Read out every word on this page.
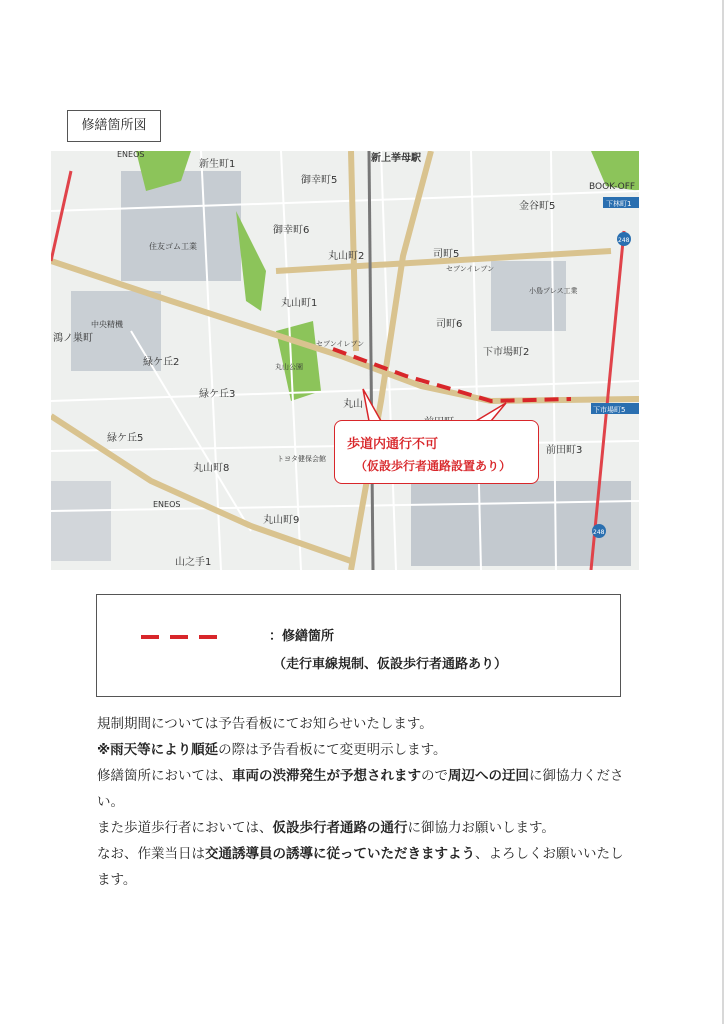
修繕箇所図
新生町1
ENEOS
御幸町5
新上挙母駅
BOOK-OFF
金谷町5	下林町1
御幸町6
住友ゴム工業
丸山町2	司町5
セブンイレブン
小島プレス工業
丸山町1
中央精機
鴻ノ巣町
司町6
セブンイレブン
緑ケ丘2
下市場町2
丸山公園
緑ケ丘3
丸山	下市場町5
緑ケ丘5
トヨタ健保会館
丸山町8
前田町3
ENEOS
丸山町9
山之手1
248
248
歩道内通行不可
（仮設歩行者通路設置あり）
：修繕箇所
（走行車線規制、仮設歩行者通路あり）

規制期間については予告看板にてお知らせいたします。

※雨天等により順延の際は予告看板にて変更明示します。

修繕箇所においては、車両の渋滞発生が予想されますので周辺への迂回に御協力くださ

い。

また歩道歩行者においては、仮設歩行者通路の通行に御協力お願いします。

なお、作業当日は交通誘導員の誘導に従っていただきますよう、よろしくお願いいたし

ます。
